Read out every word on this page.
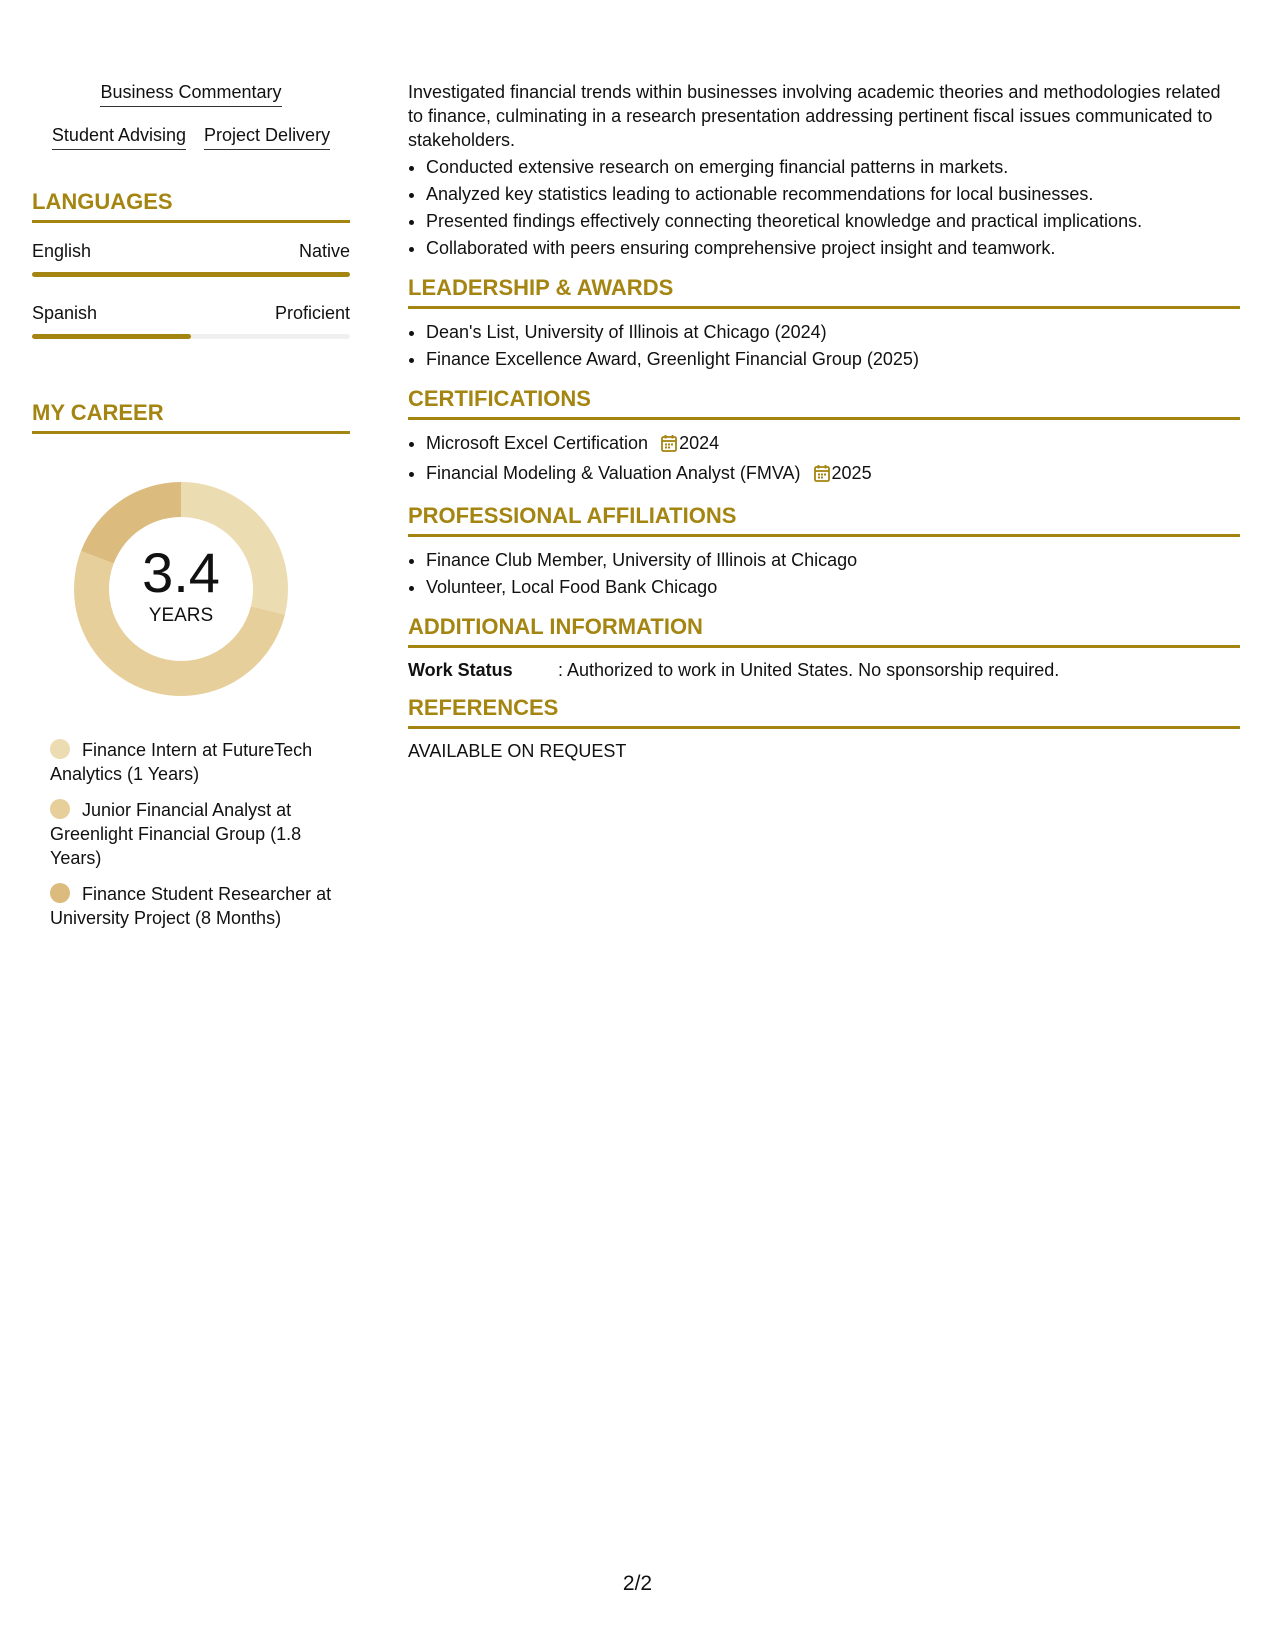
Business Commentary
Student Advising Project Delivery
LANGUAGES
English	Native
Spanish	Proficient
MY CAREER
3.4
YEARS
Finance Intern at FutureTech Analytics (1 Years)
Junior Financial Analyst at Greenlight Financial Group (1.8 Years)
Finance Student Researcher at University Project (8 Months)

Investigated financial trends within businesses involving academic theories and methodologies related to finance, culminating in a research presentation addressing pertinent fiscal issues communicated to stakeholders.

• Conducted extensive research on emerging financial patterns in markets.
• Analyzed key statistics leading to actionable recommendations for local businesses.
• Presented findings effectively connecting theoretical knowledge and practical implications.
• Collaborated with peers ensuring comprehensive project insight and teamwork.
LEADERSHIP & AWARDS
• Dean's List, University of Illinois at Chicago (2024)
• Finance Excellence Award, Greenlight Financial Group (2025)
CERTIFICATIONS
• Microsoft Excel Certification 2024
• Financial Modeling & Valuation Analyst (FMVA) 2025
PROFESSIONAL AFFILIATIONS
• Finance Club Member, University of Illinois at Chicago
• Volunteer, Local Food Bank Chicago
ADDITIONAL INFORMATION
Work Status	: Authorized to work in United States. No sponsorship required.
REFERENCES
AVAILABLE ON REQUEST
2/2
